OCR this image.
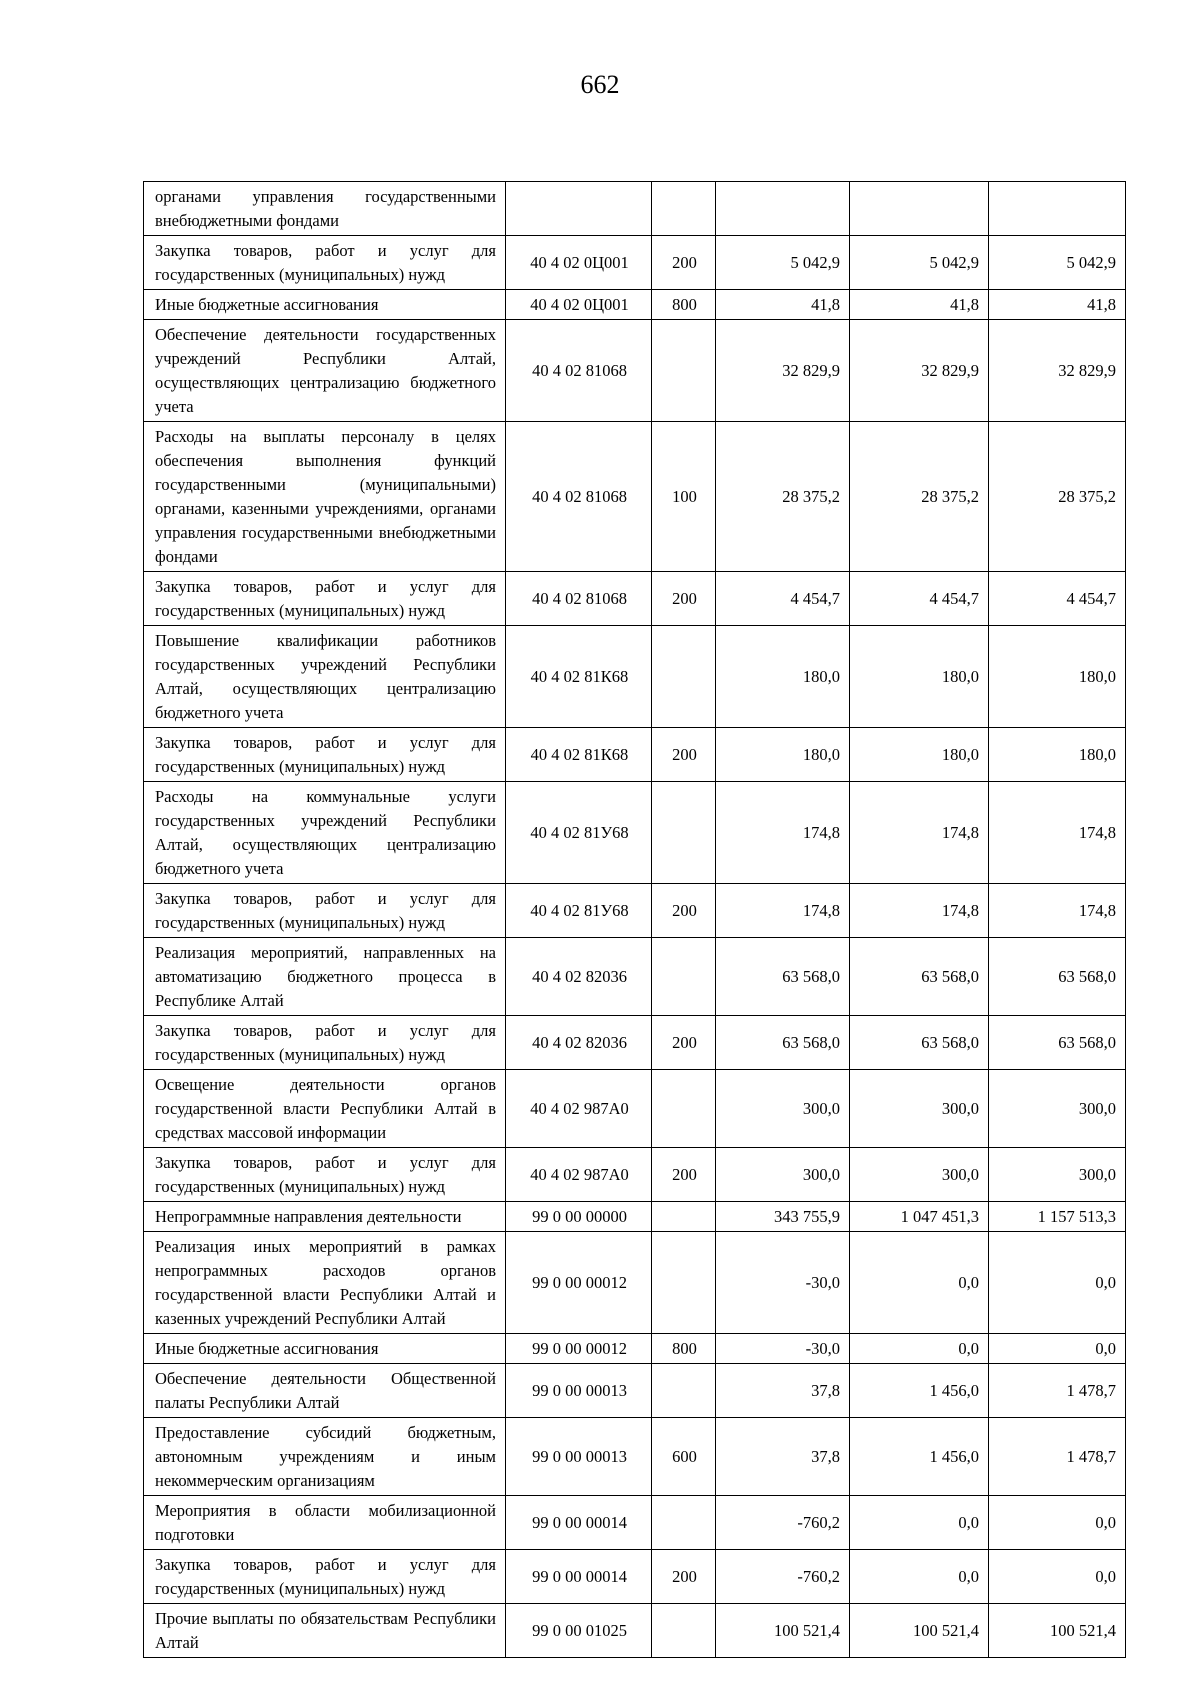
662
органами управления государственными внебюджетными фондами					
Закупка товаров, работ и услуг для государственных (муниципальных) нужд	40 4 02 0Ц001	200	5 042,9	5 042,9	5 042,9
Иные бюджетные ассигнования	40 4 02 0Ц001	800	41,8	41,8	41,8
Обеспечение деятельности государственных учреждений Республики Алтай, осуществляющих централизацию бюджетного учета	40 4 02 81068		32 829,9	32 829,9	32 829,9
Расходы на выплаты персоналу в целях обеспечения выполнения функций государственными (муниципальными) органами, казенными учреждениями, органами управления государственными внебюджетными фондами	40 4 02 81068	100	28 375,2	28 375,2	28 375,2
Закупка товаров, работ и услуг для государственных (муниципальных) нужд	40 4 02 81068	200	4 454,7	4 454,7	4 454,7
Повышение квалификации работников государственных учреждений Республики Алтай, осуществляющих централизацию бюджетного учета	40 4 02 81К68		180,0	180,0	180,0
Закупка товаров, работ и услуг для государственных (муниципальных) нужд	40 4 02 81К68	200	180,0	180,0	180,0
Расходы на коммунальные услуги государственных учреждений Республики Алтай, осуществляющих централизацию бюджетного учета	40 4 02 81У68		174,8	174,8	174,8
Закупка товаров, работ и услуг для государственных (муниципальных) нужд	40 4 02 81У68	200	174,8	174,8	174,8
Реализация мероприятий, направленных на автоматизацию бюджетного процесса в Республике Алтай	40 4 02 82036		63 568,0	63 568,0	63 568,0
Закупка товаров, работ и услуг для государственных (муниципальных) нужд	40 4 02 82036	200	63 568,0	63 568,0	63 568,0
Освещение деятельности органов государственной власти Республики Алтай в средствах массовой информации	40 4 02 987А0		300,0	300,0	300,0
Закупка товаров, работ и услуг для государственных (муниципальных) нужд	40 4 02 987А0	200	300,0	300,0	300,0
Непрограммные направления деятельности	99 0 00 00000		343 755,9	1 047 451,3	1 157 513,3
Реализация иных мероприятий в рамках непрограммных расходов органов государственной власти Республики Алтай и казенных учреждений Республики Алтай	99 0 00 00012		-30,0	0,0	0,0
Иные бюджетные ассигнования	99 0 00 00012	800	-30,0	0,0	0,0
Обеспечение деятельности Общественной палаты Республики Алтай	99 0 00 00013		37,8	1 456,0	1 478,7
Предоставление субсидий бюджетным, автономным учреждениям и иным некоммерческим организациям	99 0 00 00013	600	37,8	1 456,0	1 478,7
Мероприятия в области мобилизационной подготовки	99 0 00 00014		-760,2	0,0	0,0
Закупка товаров, работ и услуг для государственных (муниципальных) нужд	99 0 00 00014	200	-760,2	0,0	0,0
Прочие выплаты по обязательствам Республики Алтай	99 0 00 01025		100 521,4	100 521,4	100 521,4
